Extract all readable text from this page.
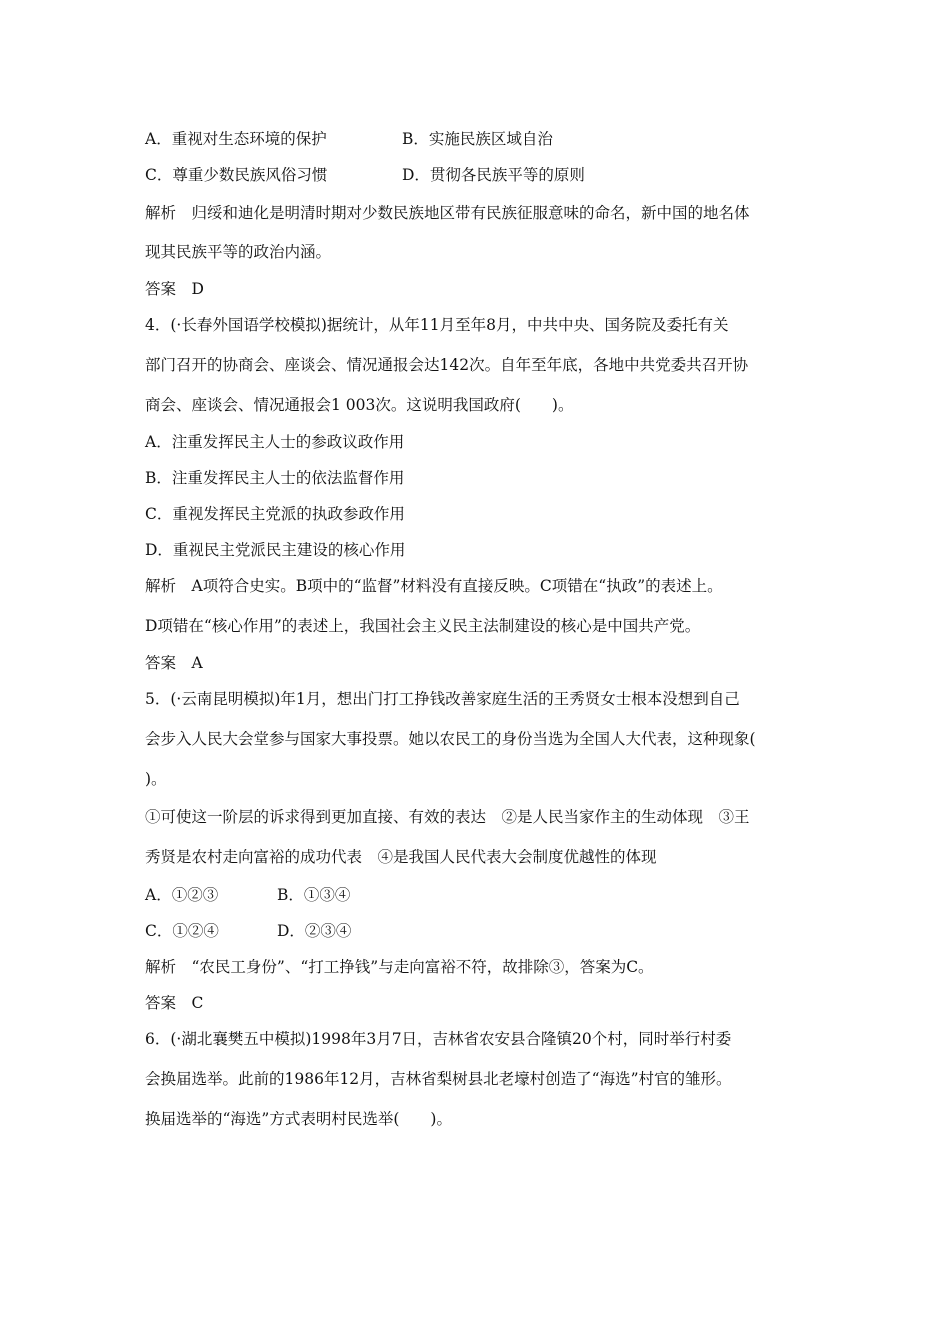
A．重视对生态环境的保护	B．实施民族区域自治
C．尊重少数民族风俗习惯	D．贯彻各民族平等的原则
解析　归绥和迪化是明清时期对少数民族地区带有民族征服意味的命名，新中国的地名体
现其民族平等的政治内涵。
答案　D
4．(·长春外国语学校模拟)据统计，从年11月至年8月，中共中央、国务院及委托有关
部门召开的协商会、座谈会、情况通报会达142次。自年至年底，各地中共党委共召开协
商会、座谈会、情况通报会1 003次。这说明我国政府(　　)。
A．注重发挥民主人士的参政议政作用
B．注重发挥民主人士的依法监督作用
C．重视发挥民主党派的执政参政作用
D．重视民主党派民主建设的核心作用
解析　A项符合史实。B项中的“监督”材料没有直接反映。C项错在“执政”的表述上。
D项错在“核心作用”的表述上，我国社会主义民主法制建设的核心是中国共产党。
答案　A
5．(·云南昆明模拟)年1月，想出门打工挣钱改善家庭生活的王秀贤女士根本没想到自己
会步入人民大会堂参与国家大事投票。她以农民工的身份当选为全国人大代表，这种现象(
)。
①可使这一阶层的诉求得到更加直接、有效的表达　②是人民当家作主的生动体现　③王
秀贤是农村走向富裕的成功代表　④是我国人民代表大会制度优越性的体现
A．①②③	B．①③④
C．①②④	D．②③④
解析　“农民工身份”、“打工挣钱”与走向富裕不符，故排除③，答案为C。
答案　C
6．(·湖北襄樊五中模拟)1998年3月7日，吉林省农安县合隆镇20个村，同时举行村委
会换届选举。此前的1986年12月，吉林省梨树县北老壕村创造了“海选”村官的雏形。
换届选举的“海选”方式表明村民选举(　　)。
